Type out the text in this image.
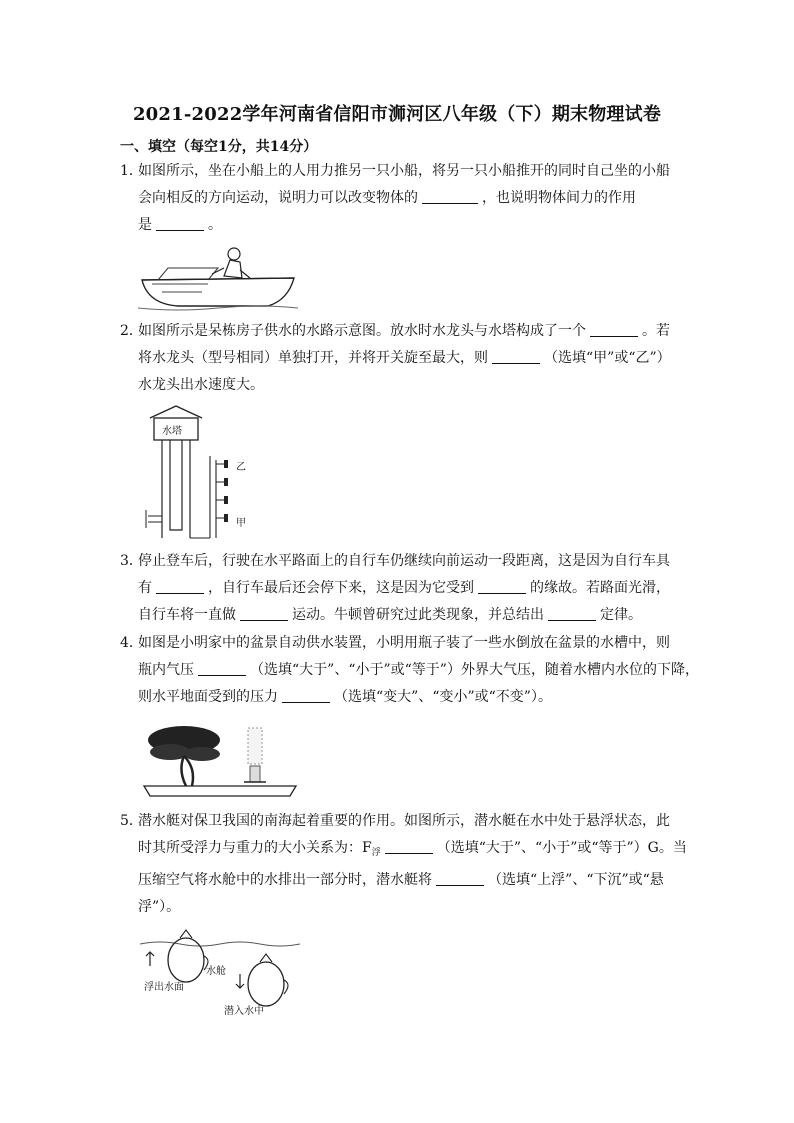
2021-2022学年河南省信阳市浉河区八年级（下）期末物理试卷
一、填空（每空1分，共14分）
1．
如图所示，坐在小船上的人用力推另一只小船，将另一只小船推开的同时自己坐的小船
会向相反的方向运动，说明力可以改变物体的	，也说明物体间力的作用
是	。
2．
如图所示是呆栋房子供水的水路示意图。放水时水龙头与水塔构成了一个	。若
将水龙头（型号相同）单独打开，并将开关旋至最大，则	（选填“甲”或“乙”）
水龙头出水速度大。
水塔
乙
甲
3．
停止登车后，行驶在水平路面上的自行车仍继续向前运动一段距离，这是因为自行车具
有	，自行车最后还会停下来，这是因为它受到	的缘故。若路面光滑，
自行车将一直做	运动。牛顿曾研究过此类现象，并总结出	定律。
4．
如图是小明家中的盆景自动供水装置，小明用瓶子装了一些水倒放在盆景的水槽中，则
瓶内气压	（选填“大于”、“小于”或“等于”）外界大气压，随着水槽内水位的下降，
则水平地面受到的压力	（选填“变大”、“变小”或“不变”）。
5．
潜水艇对保卫我国的南海起着重要的作用。如图所示，潜水艇在水中处于悬浮状态，此
时其所受浮力与重力的大小关系为：$F_浮$	（选填“大于”、“小于”或“等于”）G。当
压缩空气将水舱中的水排出一部分时，潜水艇将	（选填“上浮”、“下沉”或“悬
浮”）。
水舱
浮出水面
潜入水中
